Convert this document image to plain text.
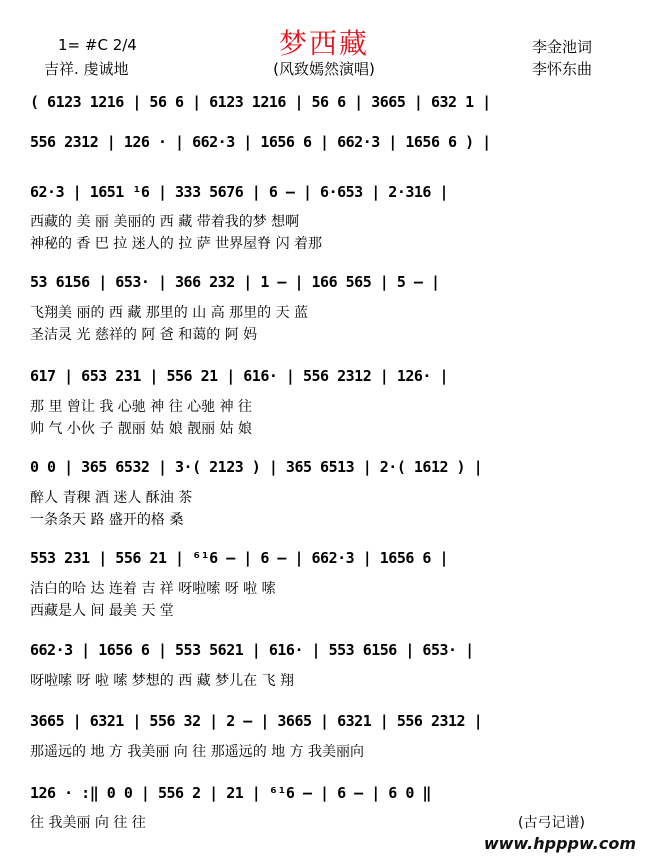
梦西藏
1= #C 2/4
吉祥. 虔诚地	(风致嫣然演唱)
李金池词
李怀东曲
( 6123 1216 | 56 6 | 6123 1216 | 56 6 | 3665 | 632 1 |
556 2312 | 126 · | 662·3 | 1656 6 | 662·3 | 1656 6 ) |
62·3 | 1651 ¹6 | 333 5676 | 6 – | 6·653 | 2·316 |
西藏的 美 丽 美丽的 西 藏 带着我的梦 想啊
神秘的 香 巴 拉 迷人的 拉 萨 世界屋脊 闪 着那
53 6156 | 653· | 366 232 | 1 – | 166 565 | 5 – |
飞翔美 丽的 西 藏 那里的 山 高 那里的 天 蓝
圣洁灵 光 慈祥的 阿 爸 和蔼的 阿 妈
617 | 653 231 | 556 21 | 616· | 556 2312 | 126· |
那 里 曾让 我 心驰 神 往 心驰 神 往
帅 气 小伙 子 靓丽 姑 娘 靓丽 姑 娘
0 0 | 365 6532 | 3·( 2123 ) | 365 6513 | 2·( 1612 ) |
醉人 青稞 酒 迷人 酥油 茶
一条条天 路 盛开的格 桑
553 231 | 556 21 | ⁶¹6 – | 6 – | 662·3 | 1656 6 |
洁白的哈 达 连着 吉 祥 呀啦嗦 呀 啦 嗦
西藏是人 间 最美 天 堂
662·3 | 1656 6 | 553 5621 | 616· | 553 6156 | 653· |
呀啦嗦 呀 啦 嗦 梦想的 西 藏 梦儿在 飞 翔
3665 | 6321 | 556 32 | 2 – | 3665 | 6321 | 556 2312 |
那遥远的 地 方 我美丽 向 往 那遥远的 地 方 我美丽向
126 · :‖ 0 0 | 556 2 | 21 | ⁶¹6 – | 6 – | 6 0 ‖
往 我美丽 向 往 往	(古弓记谱)
www.hpppw.com
